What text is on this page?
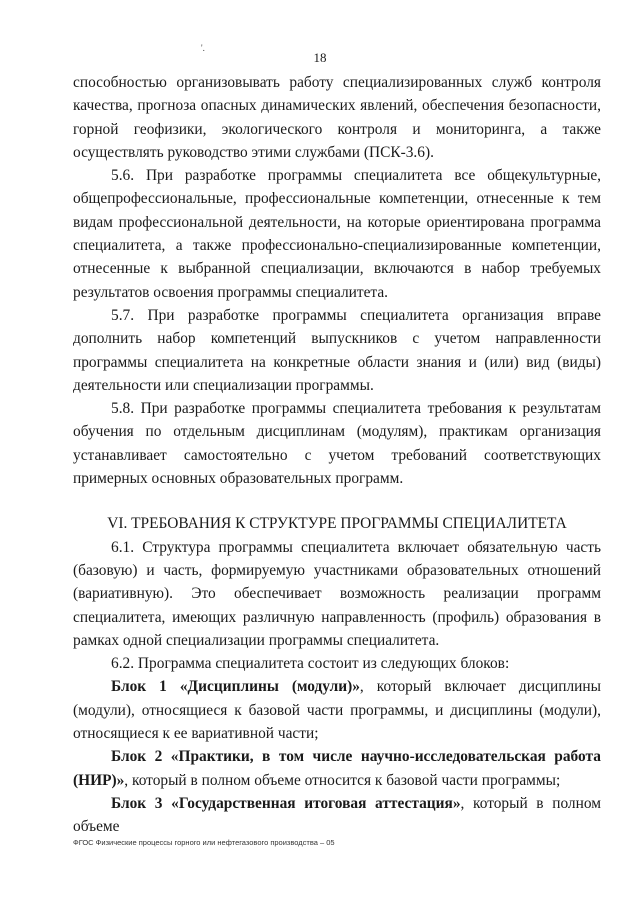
'.
18

способностью организовывать работу специализированных служб контроля качества, прогноза опасных динамических явлений, обеспечения безопасности, горной геофизики, экологического контроля и мониторинга, а также осуществлять руководство этими службами (ПСК-3.6).

5.6. При разработке программы специалитета все общекультурные, общепрофессиональные, профессиональные компетенции, отнесенные к тем видам профессиональной деятельности, на которые ориентирована программа специалитета, а также профессионально-специализированные компетенции, отнесенные к выбранной специализации, включаются в набор требуемых результатов освоения программы специалитета.

5.7. При разработке программы специалитета организация вправе дополнить набор компетенций выпускников с учетом направленности программы специалитета на конкретные области знания и (или) вид (виды) деятельности или специализации программы.

5.8. При разработке программы специалитета требования к результатам обучения по отдельным дисциплинам (модулям), практикам организация устанавливает самостоятельно с учетом требований соответствующих примерных основных образовательных программ.

VI. ТРЕБОВАНИЯ К СТРУКТУРЕ ПРОГРАММЫ СПЕЦИАЛИТЕТА

6.1. Структура программы специалитета включает обязательную часть (базовую) и часть, формируемую участниками образовательных отношений (вариативную). Это обеспечивает возможность реализации программ специалитета, имеющих различную направленность (профиль) образования в рамках одной специализации программы специалитета.

6.2. Программа специалитета состоит из следующих блоков:

Блок 1 «Дисциплины (модули)», который включает дисциплины (модули), относящиеся к базовой части программы, и дисциплины (модули), относящиеся к ее вариативной части;

Блок 2 «Практики, в том числе научно-исследовательская работа (НИР)», который в полном объеме относится к базовой части программы;

Блок 3 «Государственная итоговая аттестация», который в полном объеме

ФГОС Физические процессы горного или нефтегазового производства – 05
